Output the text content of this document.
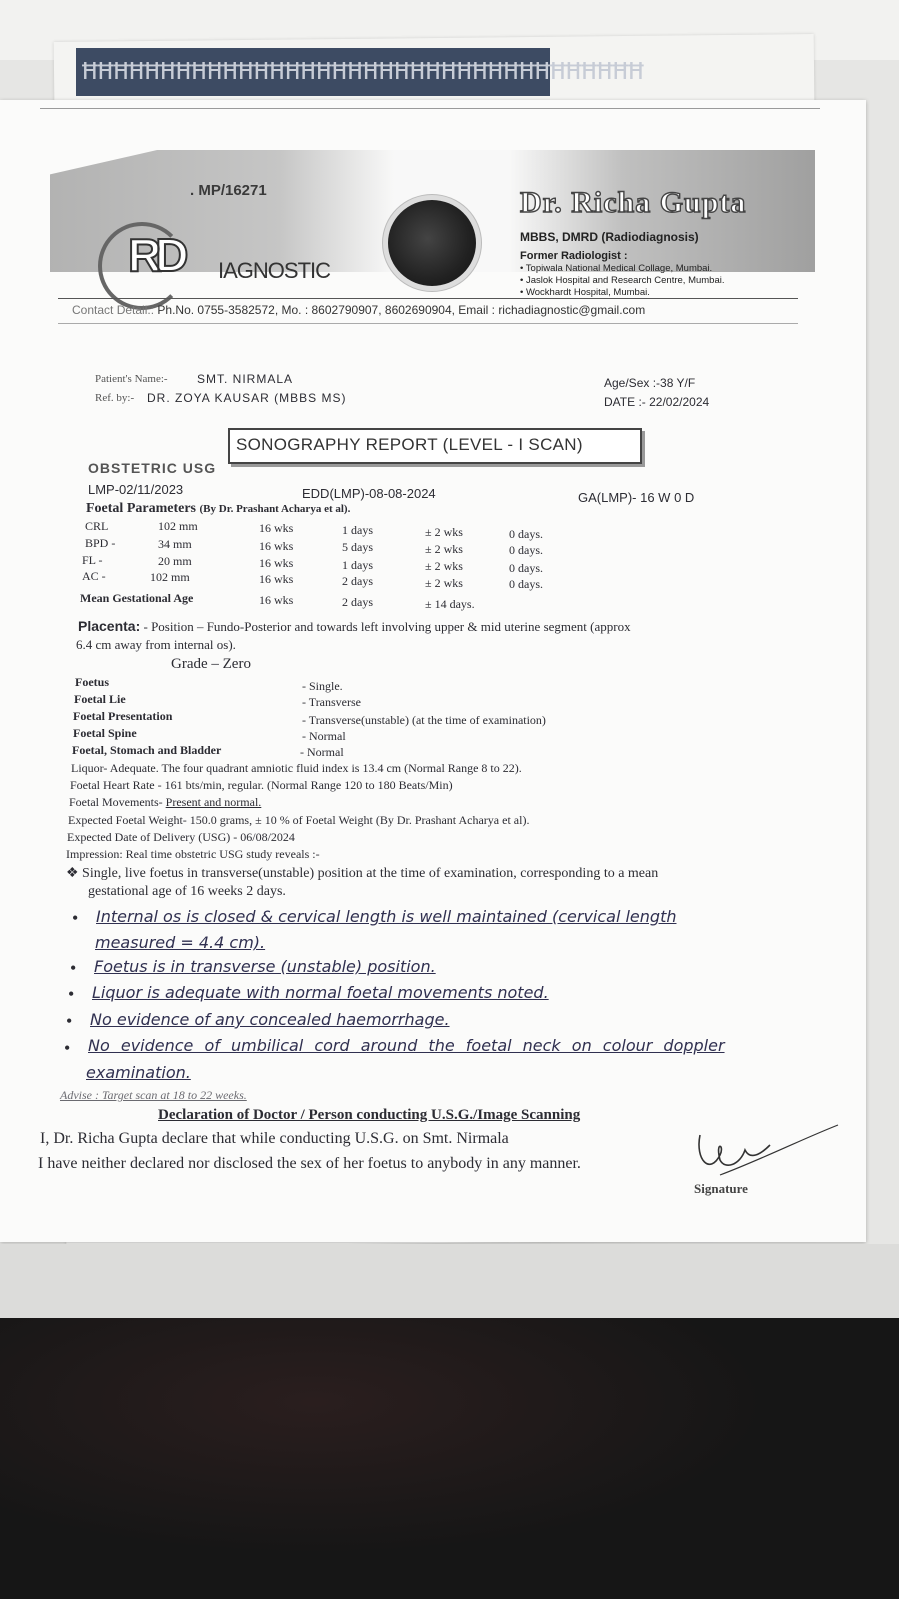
ĦĦĦĦĦĦĦĦĦĦĦĦĦĦĦĦĦĦĦĦĦĦĦĦĦĦĦĦĦĦĦĦĦĦĦĦ
. MP/16271
RD IAGNOSTIC
Dr. Richa Gupta
MBBS, DMRD (Radiodiagnosis)
Former Radiologist :
• Topiwala National Medical Collage, Mumbai.
• Jaslok Hospital and Research Centre, Mumbai.
• Wockhardt Hospital, Mumbai.
Contact Detail.: Ph.No. 0755-3582572, Mo. : 8602790907, 8602690904, Email : richadiagnostic@gmail.com
Patient's Name:- SMT. NIRMALA
Ref. by:- DR. ZOYA KAUSAR (MBBS MS)
Age/Sex :-38 Y/F
DATE :- 22/02/2024
SONOGRAPHY REPORT (LEVEL - I SCAN)
OBSTETRIC USG
LMP-02/11/2023	EDD(LMP)-08-08-2024	GA(LMP)- 16 W 0 D
Foetal Parameters (By Dr. Prashant Acharya et al).
CRL	102 mm	16 wks	1 days	± 2 wks	0 days.
BPD -	34 mm	16 wks	5 days	± 2 wks	0 days.
FL -	20 mm	16 wks	1 days	± 2 wks	0 days.
AC -	102 mm	16 wks	2 days	± 2 wks	0 days.
Mean Gestational Age	16 wks	2 days	± 14 days.
Placenta: - Position – Fundo-Posterior and towards left involving upper & mid uterine segment (approx
6.4 cm away from internal os).
Grade – Zero
Foetus	- Single.
Foetal Lie	- Transverse
Foetal Presentation	- Transverse(unstable) (at the time of examination)
Foetal Spine	- Normal
Foetal, Stomach and Bladder	- Normal
Liquor- Adequate. The four quadrant amniotic fluid index is 13.4 cm (Normal Range 8 to 22).
Foetal Heart Rate - 161 bts/min, regular. (Normal Range 120 to 180 Beats/Min)
Foetal Movements- Present and normal.
Expected Foetal Weight- 150.0 grams, ± 10 % of Foetal Weight (By Dr. Prashant Acharya et al).
Expected Date of Delivery (USG) - 06/08/2024
Impression: Real time obstetric USG study reveals :-
❖ Single, live foetus in transverse(unstable) position at the time of examination, corresponding to a mean
gestational age of 16 weeks 2 days.
• Internal os is closed & cervical length is well maintained (cervical length
measured = 4.4 cm).
• Foetus is in transverse (unstable) position.
• Liquor is adequate with normal foetal movements noted.
• No evidence of any concealed haemorrhage.
• No evidence of umbilical cord around the foetal neck on colour doppler
examination.
Advise : Target scan at 18 to 22 weeks.
Declaration of Doctor / Person conducting U.S.G./Image Scanning
I, Dr. Richa Gupta declare that while conducting U.S.G. on Smt. Nirmala
I have neither declared nor disclosed the sex of her foetus to anybody in any manner.
Signature
